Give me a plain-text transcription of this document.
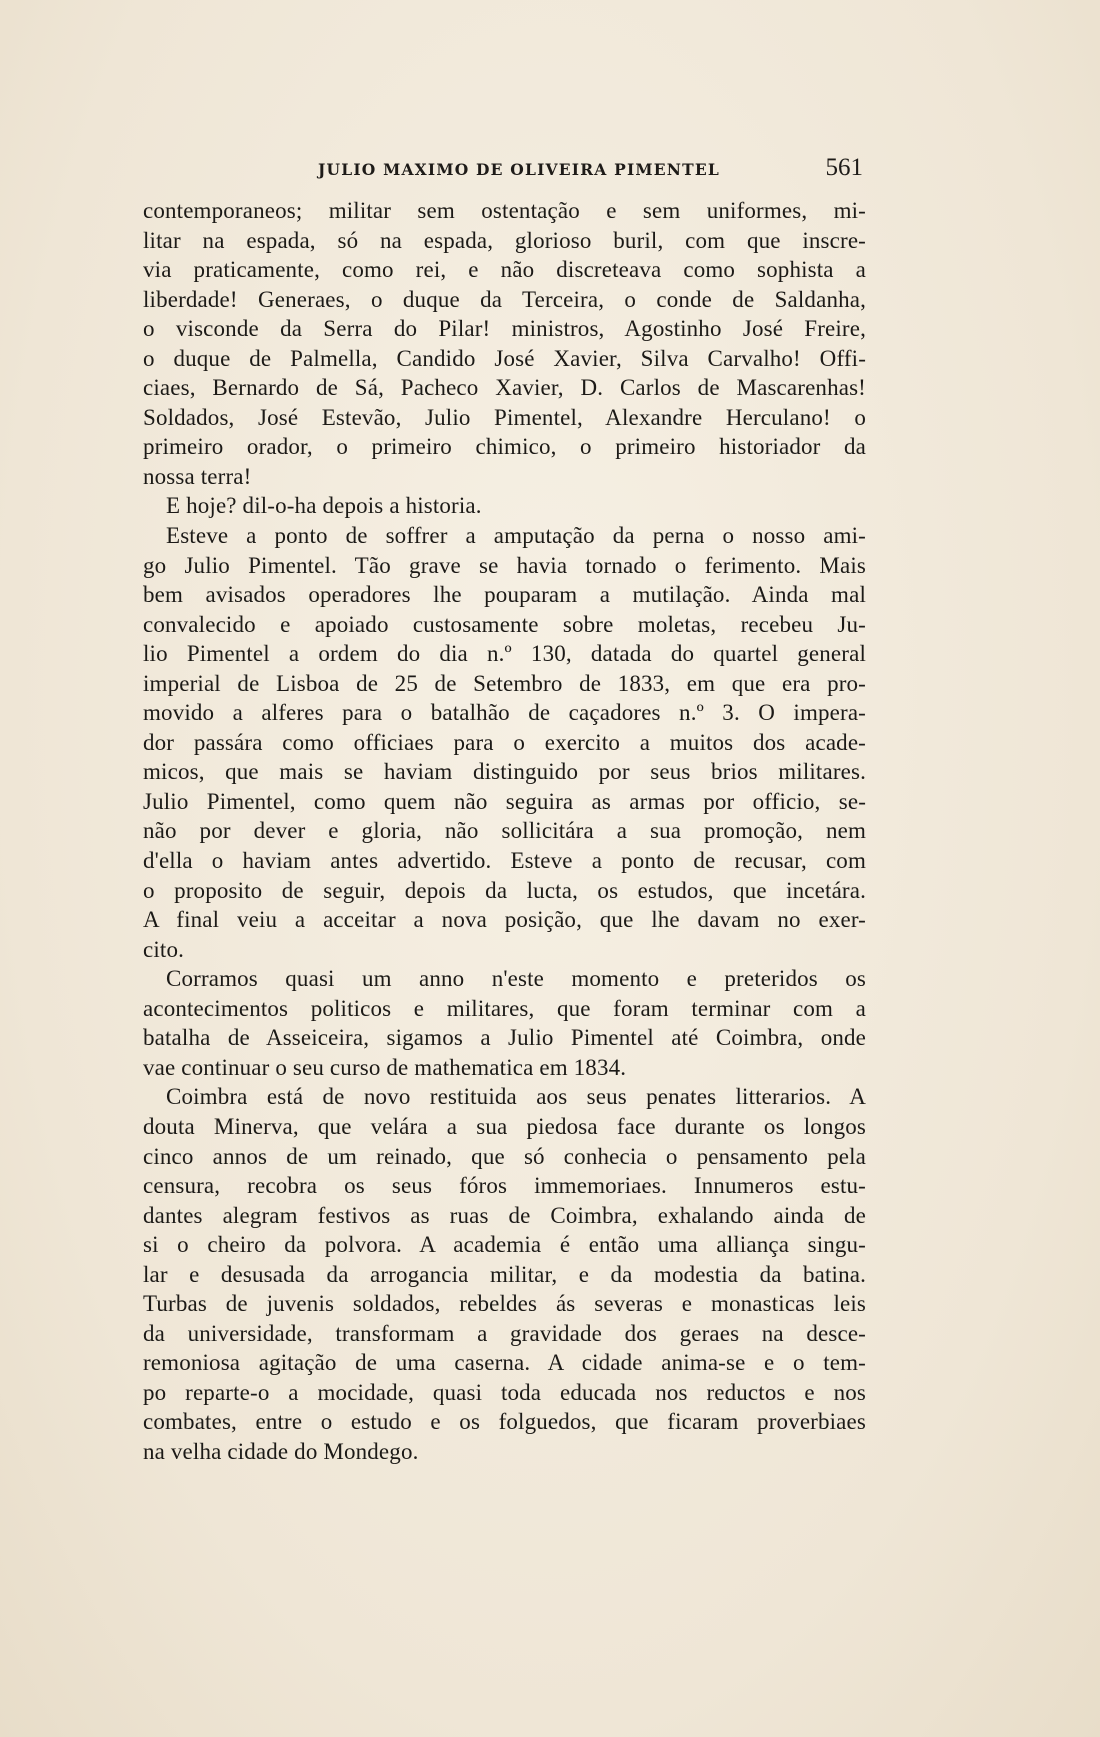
JULIO MAXIMO DE OLIVEIRA PIMENTEL	561
contemporaneos; militar sem ostentação e sem uniformes, mi-
litar na espada, só na espada, glorioso buril, com que inscre-
via praticamente, como rei, e não discreteava como sophista a
liberdade! Generaes, o duque da Terceira, o conde de Saldanha,
o visconde da Serra do Pilar! ministros, Agostinho José Freire,
o duque de Palmella, Candido José Xavier, Silva Carvalho! Offi-
ciaes, Bernardo de Sá, Pacheco Xavier, D. Carlos de Mascarenhas!
Soldados, José Estevão, Julio Pimentel, Alexandre Herculano! o
primeiro orador, o primeiro chimico, o primeiro historiador da
nossa terra!
E hoje? dil-o-ha depois a historia.
Esteve a ponto de soffrer a amputação da perna o nosso ami-
go Julio Pimentel. Tão grave se havia tornado o ferimento. Mais
bem avisados operadores lhe pouparam a mutilação. Ainda mal
convalecido e apoiado custosamente sobre moletas, recebeu Ju-
lio Pimentel a ordem do dia n.º 130, datada do quartel general
imperial de Lisboa de 25 de Setembro de 1833, em que era pro-
movido a alferes para o batalhão de caçadores n.º 3. O impera-
dor passára como officiaes para o exercito a muitos dos acade-
micos, que mais se haviam distinguido por seus brios militares.
Julio Pimentel, como quem não seguira as armas por officio, se-
não por dever e gloria, não sollicitára a sua promoção, nem
d'ella o haviam antes advertido. Esteve a ponto de recusar, com
o proposito de seguir, depois da lucta, os estudos, que incetára.
A final veiu a acceitar a nova posição, que lhe davam no exer-
cito.
Corramos quasi um anno n'este momento e preteridos os
acontecimentos politicos e militares, que foram terminar com a
batalha de Asseiceira, sigamos a Julio Pimentel até Coimbra, onde
vae continuar o seu curso de mathematica em 1834.
Coimbra está de novo restituida aos seus penates litterarios. A
douta Minerva, que velára a sua piedosa face durante os longos
cinco annos de um reinado, que só conhecia o pensamento pela
censura, recobra os seus fóros immemoriaes. Innumeros estu-
dantes alegram festivos as ruas de Coimbra, exhalando ainda de
si o cheiro da polvora. A academia é então uma alliança singu-
lar e desusada da arrogancia militar, e da modestia da batina.
Turbas de juvenis soldados, rebeldes ás severas e monasticas leis
da universidade, transformam a gravidade dos geraes na desce-
remoniosa agitação de uma caserna. A cidade anima-se e o tem-
po reparte-o a mocidade, quasi toda educada nos reductos e nos
combates, entre o estudo e os folguedos, que ficaram proverbiaes
na velha cidade do Mondego.
